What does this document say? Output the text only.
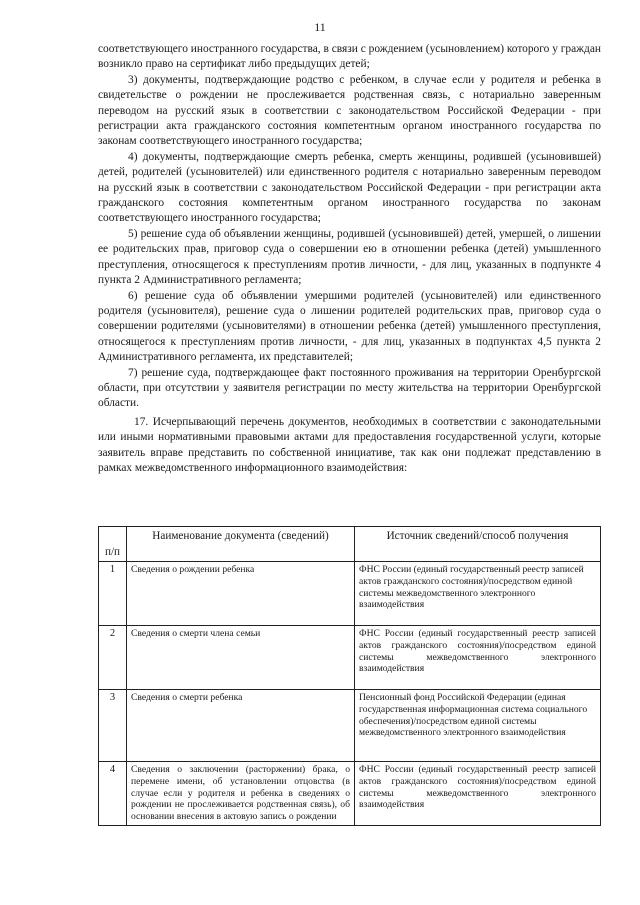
11

соответствующего иностранного государства, в связи с рождением (усыновлением) которого у граждан возникло право на сертификат либо предыдущих детей;

3) документы, подтверждающие родство с ребенком, в случае если у родителя и ребенка в свидетельстве о рождении не прослеживается родственная связь, с нотариально заверенным переводом на русский язык в соответствии с законодательством Российской Федерации - при регистрации акта гражданского состояния компетентным органом иностранного государства по законам соответствующего иностранного государства;

4) документы, подтверждающие смерть ребенка, смерть женщины, родившей (усыновившей) детей, родителей (усыновителей) или единственного родителя с нотариально заверенным переводом на русский язык в соответствии с законодательством Российской Федерации - при регистрации акта гражданского состояния компетентным органом иностранного государства по законам соответствующего иностранного государства;

5) решение суда об объявлении женщины, родившей (усыновившей) детей, умершей, о лишении ее родительских прав, приговор суда о совершении ею в отношении ребенка (детей) умышленного преступления, относящегося к преступлениям против личности, - для лиц, указанных в подпункте 4 пункта 2 Административного регламента;

6) решение суда об объявлении умершими родителей (усыновителей) или единственного родителя (усыновителя), решение суда о лишении родителей родительских прав, приговор суда о совершении родителями (усыновителями) в отношении ребенка (детей) умышленного преступления, относящегося к преступлениям против личности, - для лиц, указанных в подпунктах 4,5 пункта 2 Административного регламента, их представителей;

7) решение суда, подтверждающее факт постоянного проживания на территории Оренбургской области, при отсутствии у заявителя регистрации по месту жительства на территории Оренбургской области.

17. Исчерпывающий перечень документов, необходимых в соответствии с законодательными или иными нормативными правовыми актами для предоставления государственной услуги, которые заявитель вправе представить по собственной инициативе, так как они подлежат представлению в рамках межведомственного информационного взаимодействия:

п/п	Наименование документа (сведений)	Источник сведений/способ получения
1	Сведения о рождении ребенка	ФНС России (единый государственный реестр записей актов гражданского состояния)/посредством единой системы межведомственного электронного взаимодействия
2	Сведения о смерти члена семьи	ФНС России (единый государственный реестр записей актов гражданского состояния)/посредством единой системы межведомственного электронного взаимодействия
3	Сведения о смерти ребенка	Пенсионный фонд Российской Федерации (единая государственная информационная система социального обеспечения)/посредством единой системы межведомственного электронного взаимодействия
4	Сведения о заключении (расторжении) брака, о перемене имени, об установлении отцовства (в случае если у родителя и ребенка в сведениях о рождении не прослеживается родственная связь), об основании внесения в актовую запись о рождении	ФНС России (единый государственный реестр записей актов гражданского состояния)/посредством единой системы межведомственного электронного взаимодействия
